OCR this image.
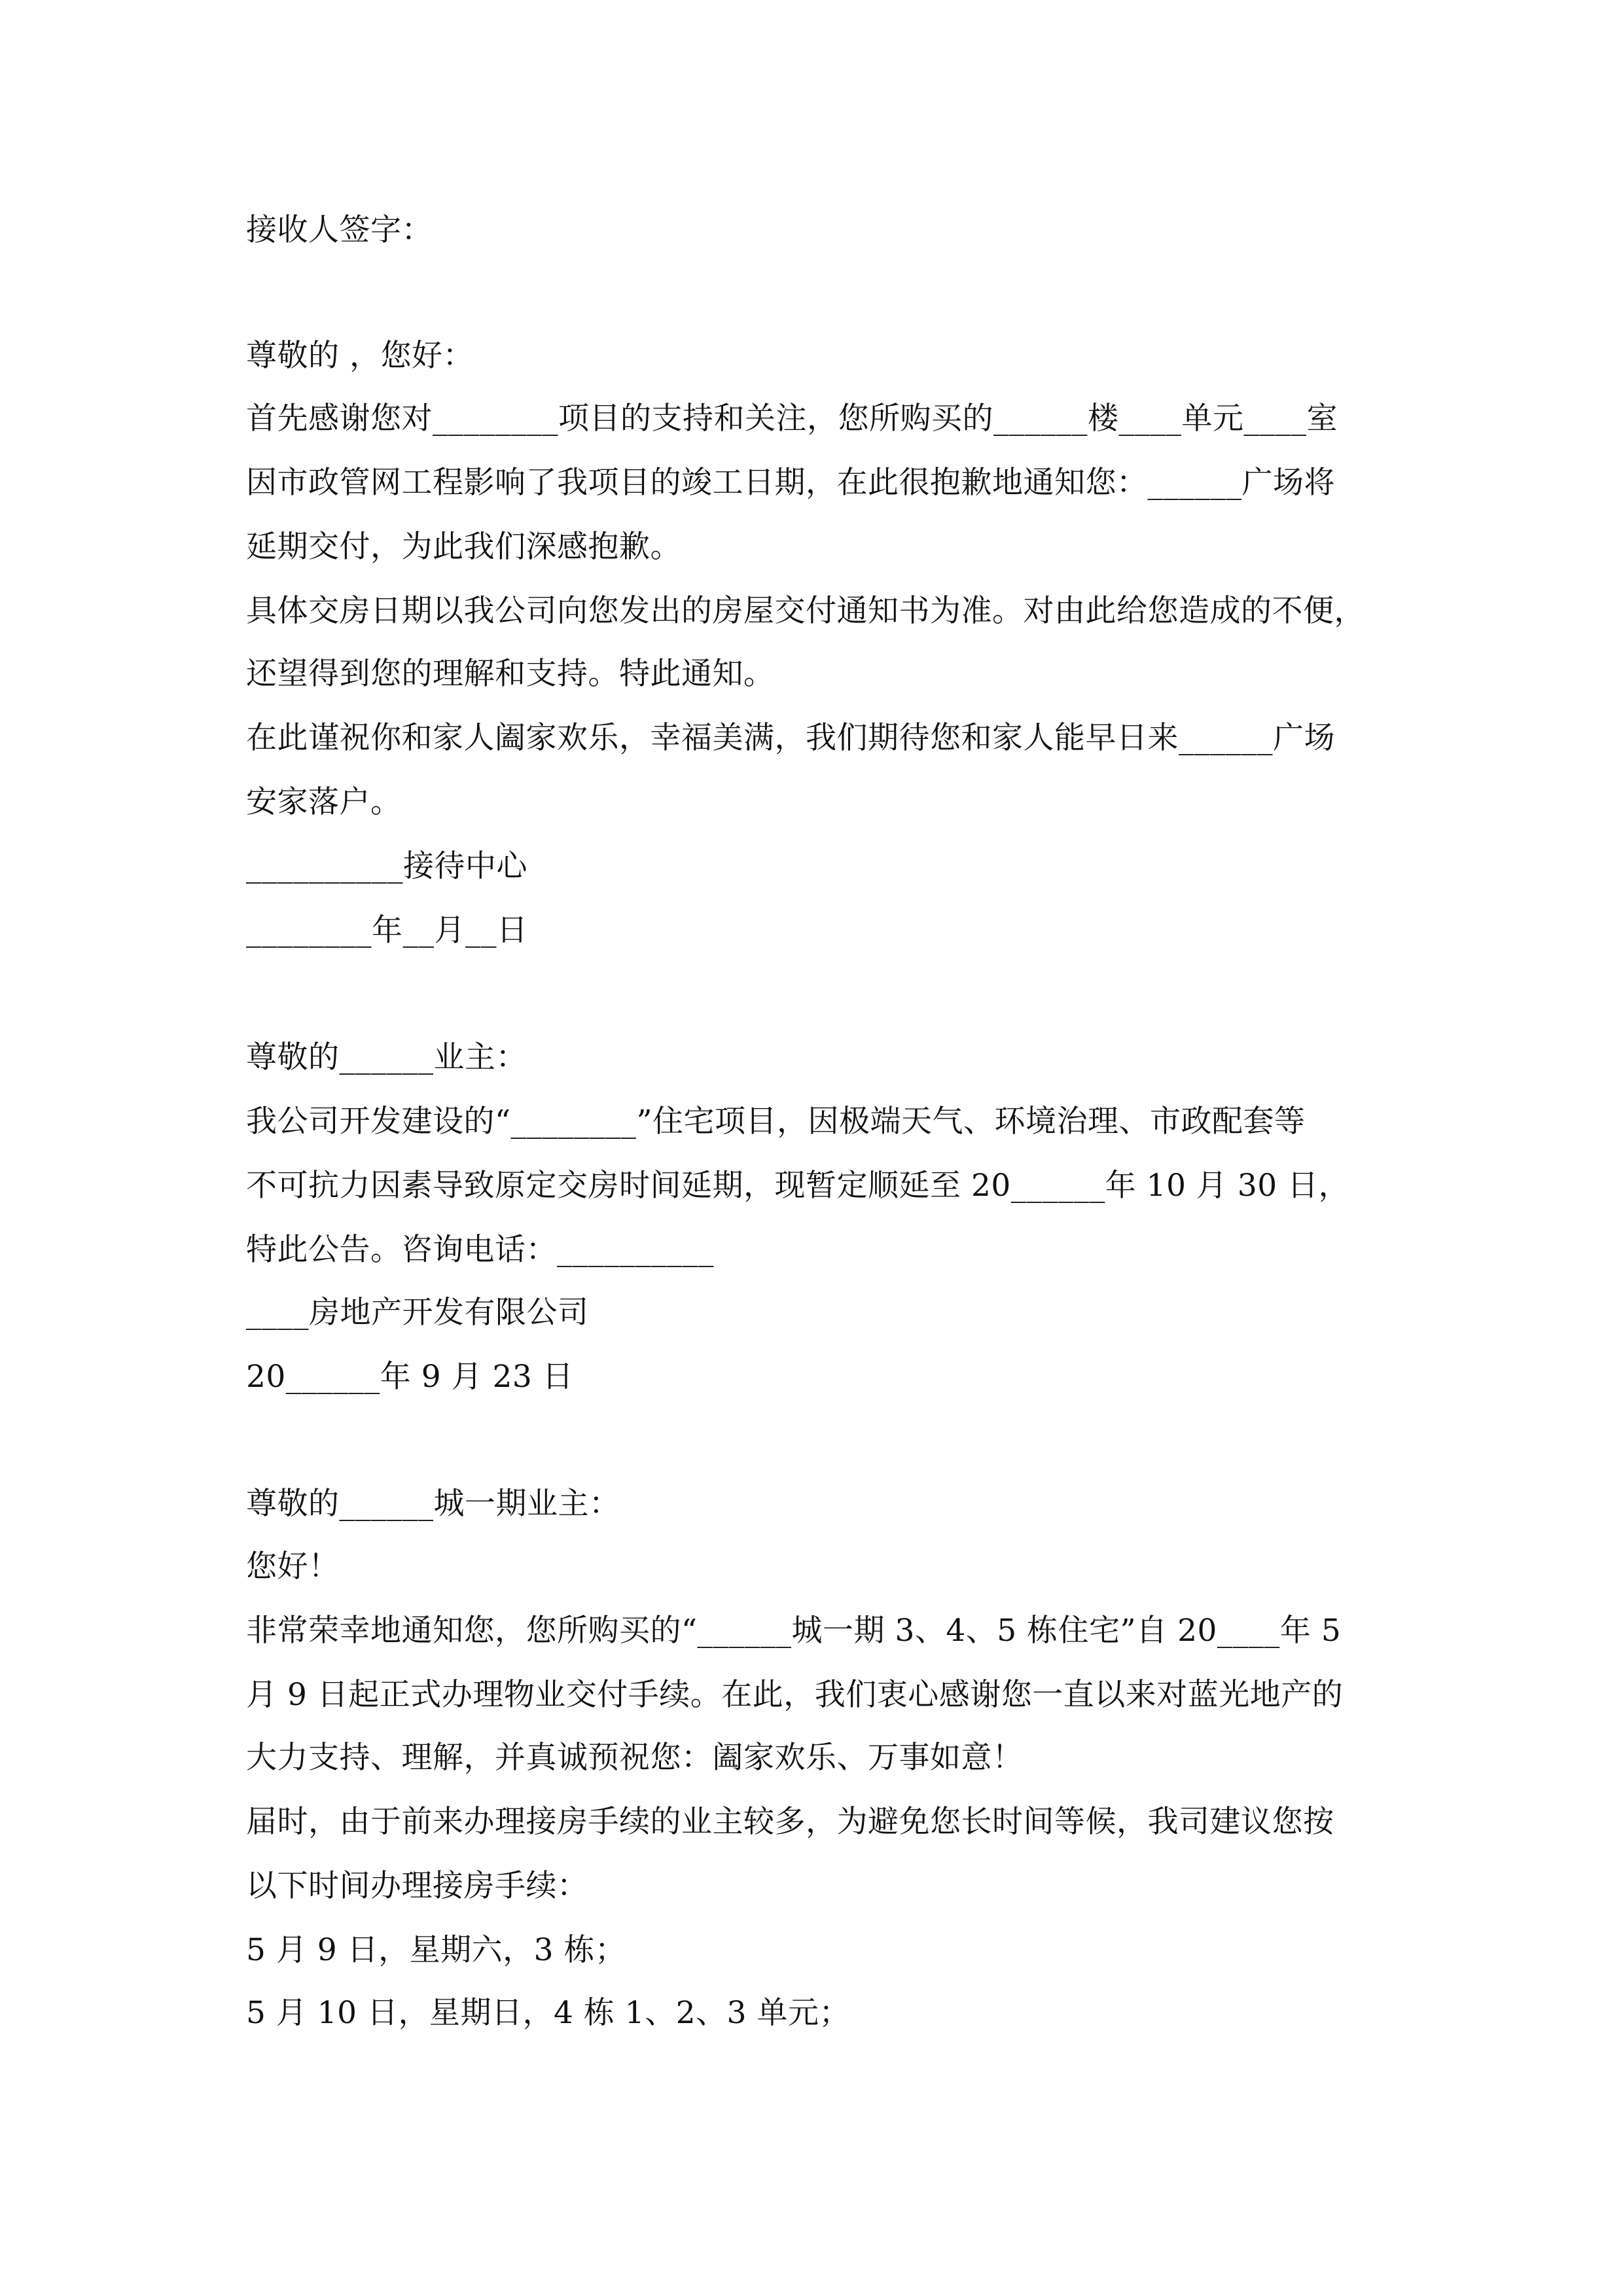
接收人签字：
尊敬的 ，您好：
首先感谢您对________项目的支持和关注，您所购买的______楼____单元____室
因市政管网工程影响了我项目的竣工日期，在此很抱歉地通知您：______广场将
延期交付，为此我们深感抱歉。
具体交房日期以我公司向您发出的房屋交付通知书为准。对由此给您造成的不便，
还望得到您的理解和支持。特此通知。
在此谨祝你和家人阖家欢乐，幸福美满，我们期待您和家人能早日来______广场
安家落户。
__________接待中心
________年__月__日
尊敬的______业主：
我公司开发建设的“________”住宅项目，因极端天气、环境治理、市政配套等
不可抗力因素导致原定交房时间延期，现暂定顺延至 20______年 10 月 30 日，
特此公告。咨询电话：__________
____房地产开发有限公司
20______年 9 月 23 日
尊敬的______城一期业主：
您好！
非常荣幸地通知您，您所购买的“______城一期 3、4、5 栋住宅”自 20____年 5
月 9 日起正式办理物业交付手续。在此，我们衷心感谢您一直以来对蓝光地产的
大力支持、理解，并真诚预祝您：阖家欢乐、万事如意！
届时，由于前来办理接房手续的业主较多，为避免您长时间等候，我司建议您按
以下时间办理接房手续：
5 月 9 日，星期六，3 栋；
5 月 10 日，星期日，4 栋 1、2、3 单元；
